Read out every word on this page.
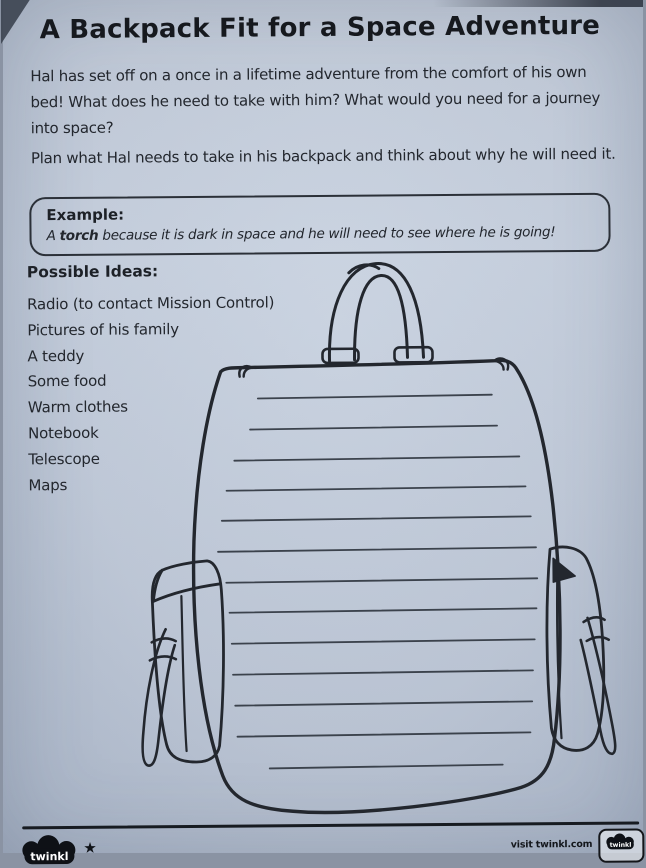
A Backpack Fit for a Space Adventure
Hal has set off on a once in a lifetime adventure from the comfort of his own bed! What does he need to take with him? What would you need for a journey into space?
Plan what Hal needs to take in his backpack and think about why he will need it.
Example:
A torch because it is dark in space and he will need to see where he is going!
Possible Ideas:
Radio (to contact Mission Control)
Pictures of his family
A teddy
Some food
Warm clothes
Notebook
Telescope
Maps
twinkl ★	visit twinkl.com twinkl
